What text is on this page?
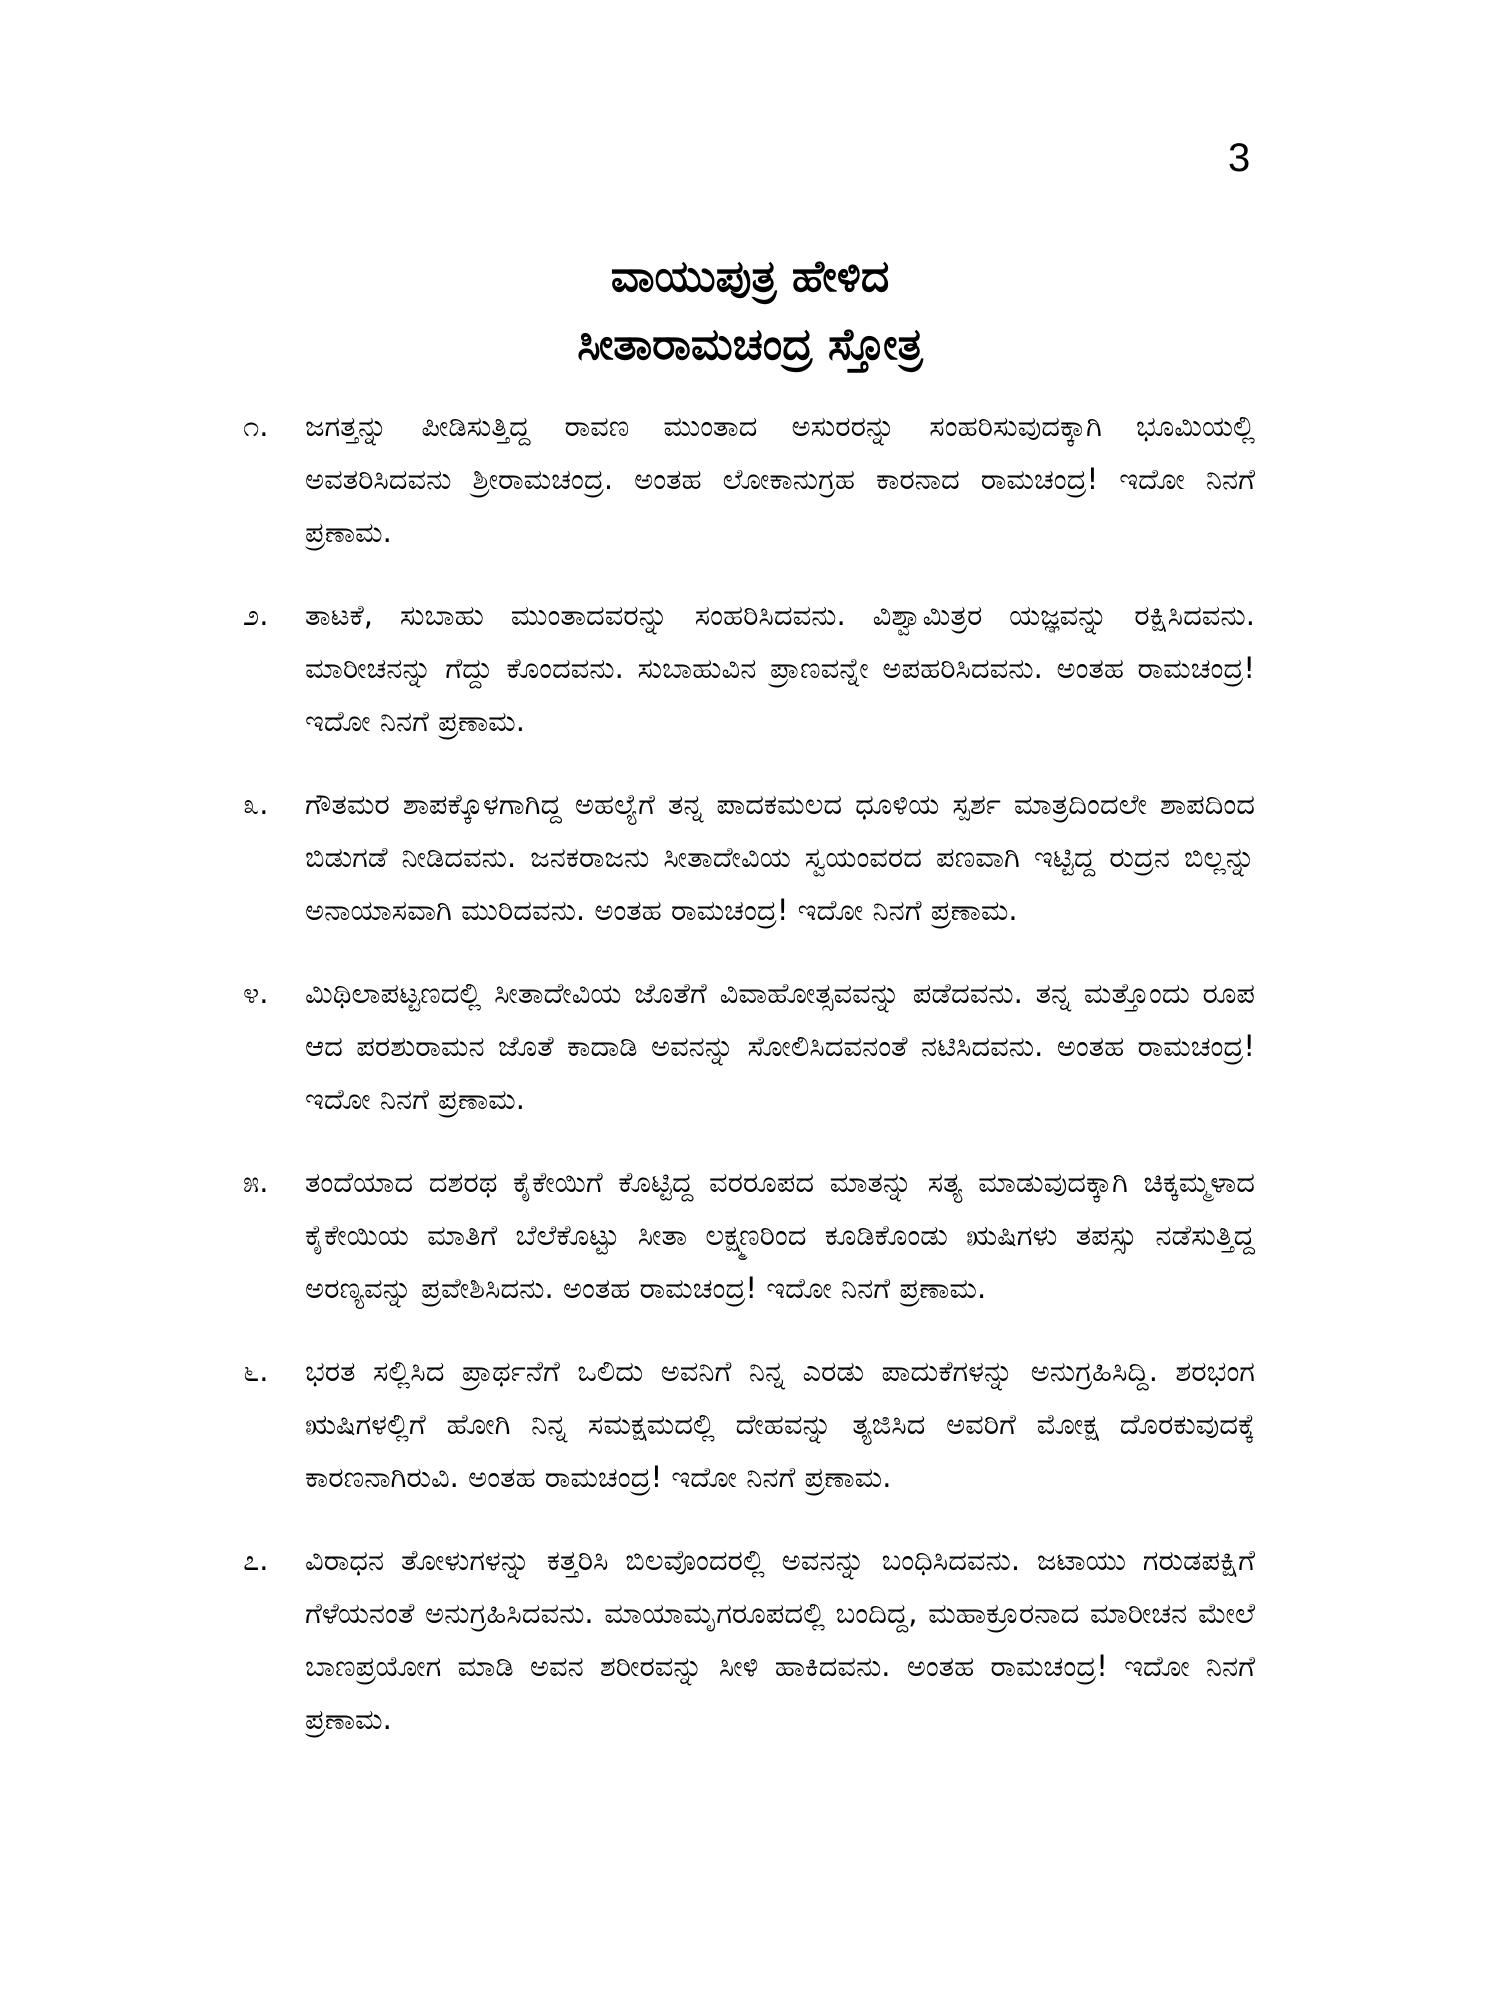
3
ವಾಯುಪುತ್ರ ಹೇಳಿದ
ಸೀತಾರಾಮಚಂದ್ರ ಸ್ತೋತ್ರ
೧.	ಜಗತ್ತನ್ನು ಪೀಡಿಸುತ್ತಿದ್ದ ರಾವಣ ಮುಂತಾದ ಅಸುರರನ್ನು ಸಂಹರಿಸುವುದಕ್ಕಾಗಿ ಭೂಮಿಯಲ್ಲಿ ಅವತರಿಸಿದವನು ಶ್ರೀರಾಮಚಂದ್ರ. ಅಂತಹ ಲೋಕಾನುಗ್ರಹ ಕಾರನಾದ ರಾಮಚಂದ್ರ! ಇದೋ ನಿನಗೆ ಪ್ರಣಾಮ.
೨.	ತಾಟಕೆ, ಸುಬಾಹು ಮುಂತಾದವರನ್ನು ಸಂಹರಿಸಿದವನು. ವಿಶ್ವಾಮಿತ್ರರ ಯಜ್ಞವನ್ನು ರಕ್ಷಿಸಿದವನು. ಮಾರೀಚನನ್ನು ಗೆದ್ದು ಕೊಂದವನು. ಸುಬಾಹುವಿನ ಪ್ರಾಣವನ್ನೇ ಅಪಹರಿಸಿದವನು. ಅಂತಹ ರಾಮಚಂದ್ರ! ಇದೋ ನಿನಗೆ ಪ್ರಣಾಮ.
೩.	ಗೌತಮರ ಶಾಪಕ್ಕೊಳಗಾಗಿದ್ದ ಅಹಲ್ಯೆಗೆ ತನ್ನ ಪಾದಕಮಲದ ಧೂಳಿಯ ಸ್ಪರ್ಶ ಮಾತ್ರದಿಂದಲೇ ಶಾಪದಿಂದ ಬಿಡುಗಡೆ ನೀಡಿದವನು. ಜನಕರಾಜನು ಸೀತಾದೇವಿಯ ಸ್ವಯಂವರದ ಪಣವಾಗಿ ಇಟ್ಟಿದ್ದ ರುದ್ರನ ಬಿಲ್ಲನ್ನು ಅನಾಯಾಸವಾಗಿ ಮುರಿದವನು. ಅಂತಹ ರಾಮಚಂದ್ರ! ಇದೋ ನಿನಗೆ ಪ್ರಣಾಮ.
೪.	ಮಿಥಿಲಾಪಟ್ಟಣದಲ್ಲಿ ಸೀತಾದೇವಿಯ ಜೊತೆಗೆ ವಿವಾಹೋತ್ಸವವನ್ನು ಪಡೆದವನು. ತನ್ನ ಮತ್ತೊಂದು ರೂಪ ಆದ ಪರಶುರಾಮನ ಜೊತೆ ಕಾದಾಡಿ ಅವನನ್ನು ಸೋಲಿಸಿದವನಂತೆ ನಟಿಸಿದವನು. ಅಂತಹ ರಾಮಚಂದ್ರ! ಇದೋ ನಿನಗೆ ಪ್ರಣಾಮ.
೫.	ತಂದೆಯಾದ ದಶರಥ ಕೈಕೇಯಿಗೆ ಕೊಟ್ಟಿದ್ದ ವರರೂಪದ ಮಾತನ್ನು ಸತ್ಯ ಮಾಡುವುದಕ್ಕಾಗಿ ಚಿಕ್ಕಮ್ಮಳಾದ ಕೈಕೇಯಿಯ ಮಾತಿಗೆ ಬೆಲೆಕೊಟ್ಟು ಸೀತಾ ಲಕ್ಷ್ಮಣರಿಂದ ಕೂಡಿಕೊಂಡು ಋಷಿಗಳು ತಪಸ್ಸು ನಡೆಸುತ್ತಿದ್ದ ಅರಣ್ಯವನ್ನು ಪ್ರವೇಶಿಸಿದನು. ಅಂತಹ ರಾಮಚಂದ್ರ! ಇದೋ ನಿನಗೆ ಪ್ರಣಾಮ.
೬.	ಭರತ ಸಲ್ಲಿಸಿದ ಪ್ರಾರ್ಥನೆಗೆ ಒಲಿದು ಅವನಿಗೆ ನಿನ್ನ ಎರಡು ಪಾದುಕೆಗಳನ್ನು ಅನುಗ್ರಹಿಸಿದ್ದಿ. ಶರಭಂಗ ಋಷಿಗಳಲ್ಲಿಗೆ ಹೋಗಿ ನಿನ್ನ ಸಮಕ್ಷಮದಲ್ಲಿ ದೇಹವನ್ನು ತ್ಯಜಿಸಿದ ಅವರಿಗೆ ಮೋಕ್ಷ ದೊರಕುವುದಕ್ಕೆ ಕಾರಣನಾಗಿರುವಿ. ಅಂತಹ ರಾಮಚಂದ್ರ! ಇದೋ ನಿನಗೆ ಪ್ರಣಾಮ.
೭.	ವಿರಾಧನ ತೋಳುಗಳನ್ನು ಕತ್ತರಿಸಿ ಬಿಲವೊಂದರಲ್ಲಿ ಅವನನ್ನು ಬಂಧಿಸಿದವನು. ಜಟಾಯು ಗರುಡಪಕ್ಷಿಗೆ ಗೆಳೆಯನಂತೆ ಅನುಗ್ರಹಿಸಿದವನು. ಮಾಯಾಮೃಗರೂಪದಲ್ಲಿ ಬಂದಿದ್ದ, ಮಹಾಕ್ರೂರನಾದ ಮಾರೀಚನ ಮೇಲೆ ಬಾಣಪ್ರಯೋಗ ಮಾಡಿ ಅವನ ಶರೀರವನ್ನು ಸೀಳಿ ಹಾಕಿದವನು. ಅಂತಹ ರಾಮಚಂದ್ರ! ಇದೋ ನಿನಗೆ ಪ್ರಣಾಮ.
